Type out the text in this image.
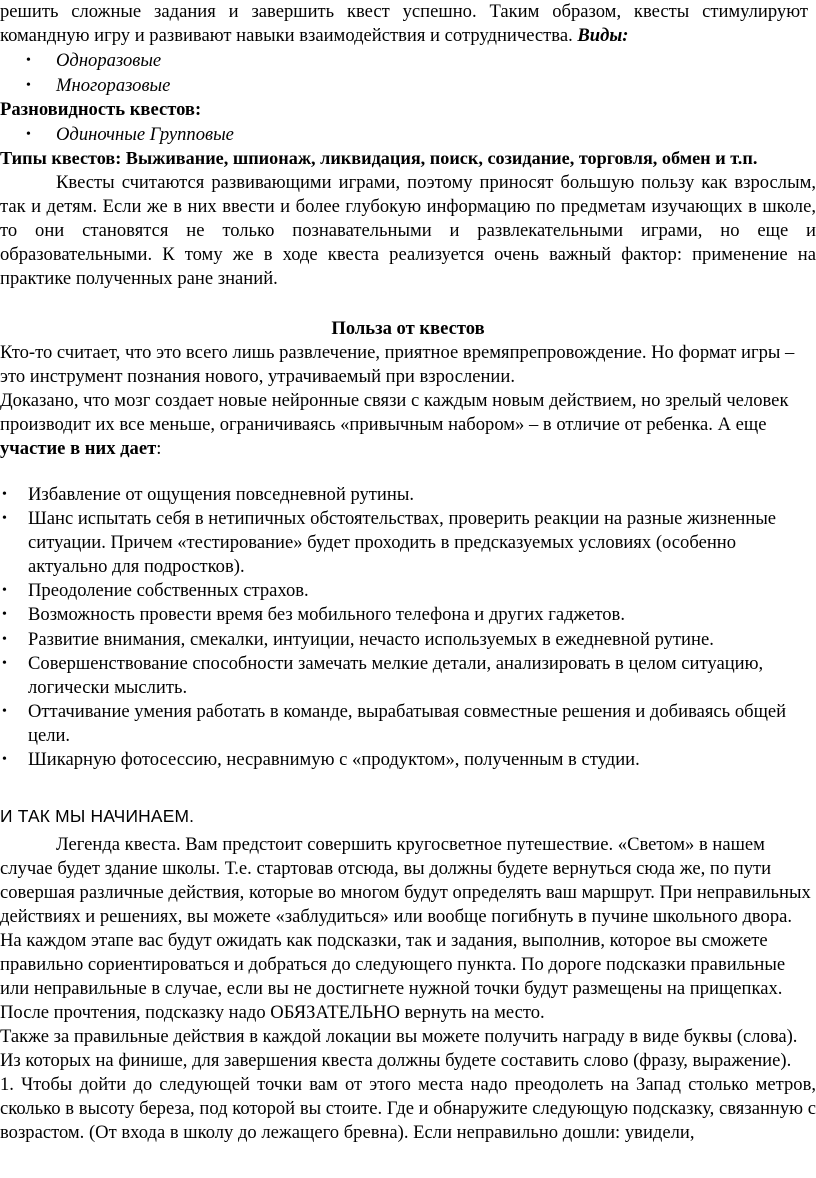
решить сложные задания и завершить квест успешно. Таким образом, квесты стимулируют командную игру и развивают навыки взаимодействия и сотрудничества. Виды:

• Одноразовые
• Многоразовые

Разновидность квестов:

• Одиночные Групповые

Типы квестов: Выживание, шпионаж, ликвидация, поиск, созидание, торговля, обмен и т.п.

Квесты считаются развивающими играми, поэтому приносят большую пользу как взрослым, так и детям. Если же в них ввести и более глубокую информацию по предметам изучающих в школе, то они становятся не только познавательными и развлекательными играми, но еще и образовательными. К тому же в ходе квеста реализуется очень важный фактор: применение на практике полученных ране знаний.

Польза от квестов

Кто-то считает, что это всего лишь развлечение, приятное времяпрепровождение. Но формат игры – это инструмент познания нового, утрачиваемый при взрослении.

Доказано, что мозг создает новые нейронные связи с каждым новым действием, но зрелый человек производит их все меньше, ограничиваясь «привычным набором» – в отличие от ребенка. А еще участие в них дает:

• Избавление от ощущения повседневной рутины.
• Шанс испытать себя в нетипичных обстоятельствах, проверить реакции на разные жизненные ситуации. Причем «тестирование» будет проходить в предсказуемых условиях (особенно актуально для подростков).
• Преодоление собственных страхов.
• Возможность провести время без мобильного телефона и других гаджетов.
• Развитие внимания, смекалки, интуиции, нечасто используемых в ежедневной рутине.
• Совершенствование способности замечать мелкие детали, анализировать в целом ситуацию, логически мыслить.
• Оттачивание умения работать в команде, вырабатывая совместные решения и добиваясь общей цели.
• Шикарную фотосессию, несравнимую с «продуктом», полученным в студии.

И ТАК МЫ НАЧИНАЕМ.

Легенда квеста. Вам предстоит совершить кругосветное путешествие. «Светом» в нашем случае будет здание школы. Т.е. стартовав отсюда, вы должны будете вернуться сюда же, по пути совершая различные действия, которые во многом будут определять ваш маршрут. При неправильных действиях и решениях, вы можете «заблудиться» или вообще погибнуть в пучине школьного двора. На каждом этапе вас будут ожидать как подсказки, так и задания, выполнив, которое вы сможете правильно сориентироваться и добраться до следующего пункта. По дороге подсказки правильные или неправильные в случае, если вы не достигнете нужной точки будут размещены на прищепках. После прочтения, подсказку надо ОБЯЗАТЕЛЬНО вернуть на место.

Также за правильные действия в каждой локации вы можете получить награду в виде буквы (слова). Из которых на финише, для завершения квеста должны будете составить слово (фразу, выражение).

1. Чтобы дойти до следующей точки вам от этого места надо преодолеть на Запад столько метров, сколько в высоту береза, под которой вы стоите. Где и обнаружите следующую подсказку, связанную с возрастом. (От входа в школу до лежащего бревна). Если неправильно дошли: увидели,
